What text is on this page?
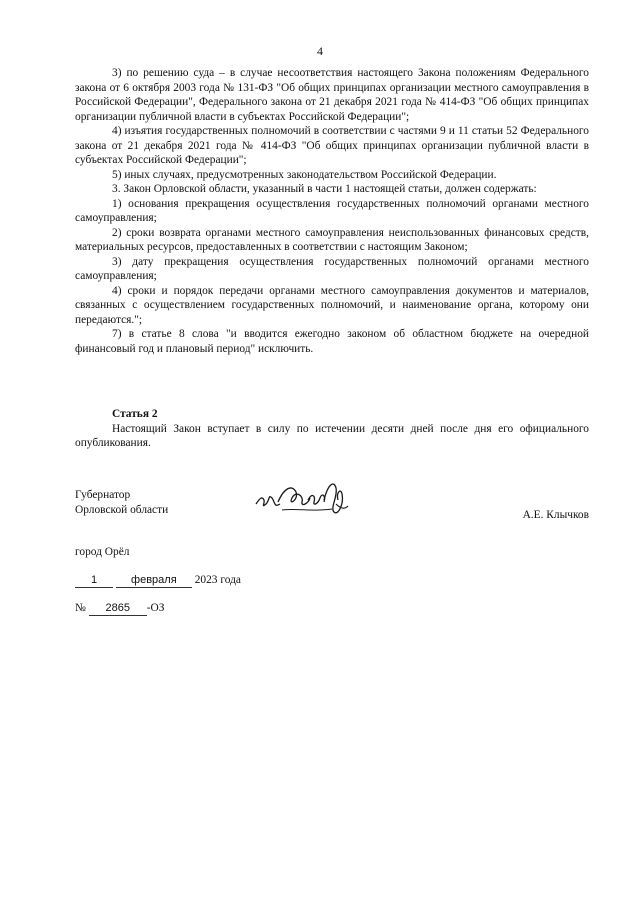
4

3) по решению суда – в случае несоответствия настоящего Закона положениям Федерального закона от 6 октября 2003 года № 131-ФЗ "Об общих принципах организации местного самоуправления в Российской Федерации", Федерального закона от 21 декабря 2021 года № 414-ФЗ "Об общих принципах организации публичной власти в субъектах Российской Федерации";

4) изъятия государственных полномочий в соответствии с частями 9 и 11 статьи 52 Федерального закона от 21 декабря 2021 года № 414-ФЗ "Об общих принципах организации публичной власти в субъектах Российской Федерации";

5) иных случаях, предусмотренных законодательством Российской Федерации.

3. Закон Орловской области, указанный в части 1 настоящей статьи, должен содержать:

1) основания прекращения осуществления государственных полномочий органами местного самоуправления;

2) сроки возврата органами местного самоуправления неиспользованных финансовых средств, материальных ресурсов, предоставленных в соответствии с настоящим Законом;

3) дату прекращения осуществления государственных полномочий органами местного самоуправления;

4) сроки и порядок передачи органами местного самоуправления документов и материалов, связанных с осуществлением государственных полномочий, и наименование органа, которому они передаются.";

7) в статье 8 слова "и вводится ежегодно законом об областном бюджете на очередной финансовый год и плановый период" исключить.

Статья 2

Настоящий Закон вступает в силу по истечении десяти дней после дня его официального опубликования.

Губернатор
Орловской области	А.Е. Клычков
город Орёл
1	февраля 2023 года
№ 2865 -ОЗ
